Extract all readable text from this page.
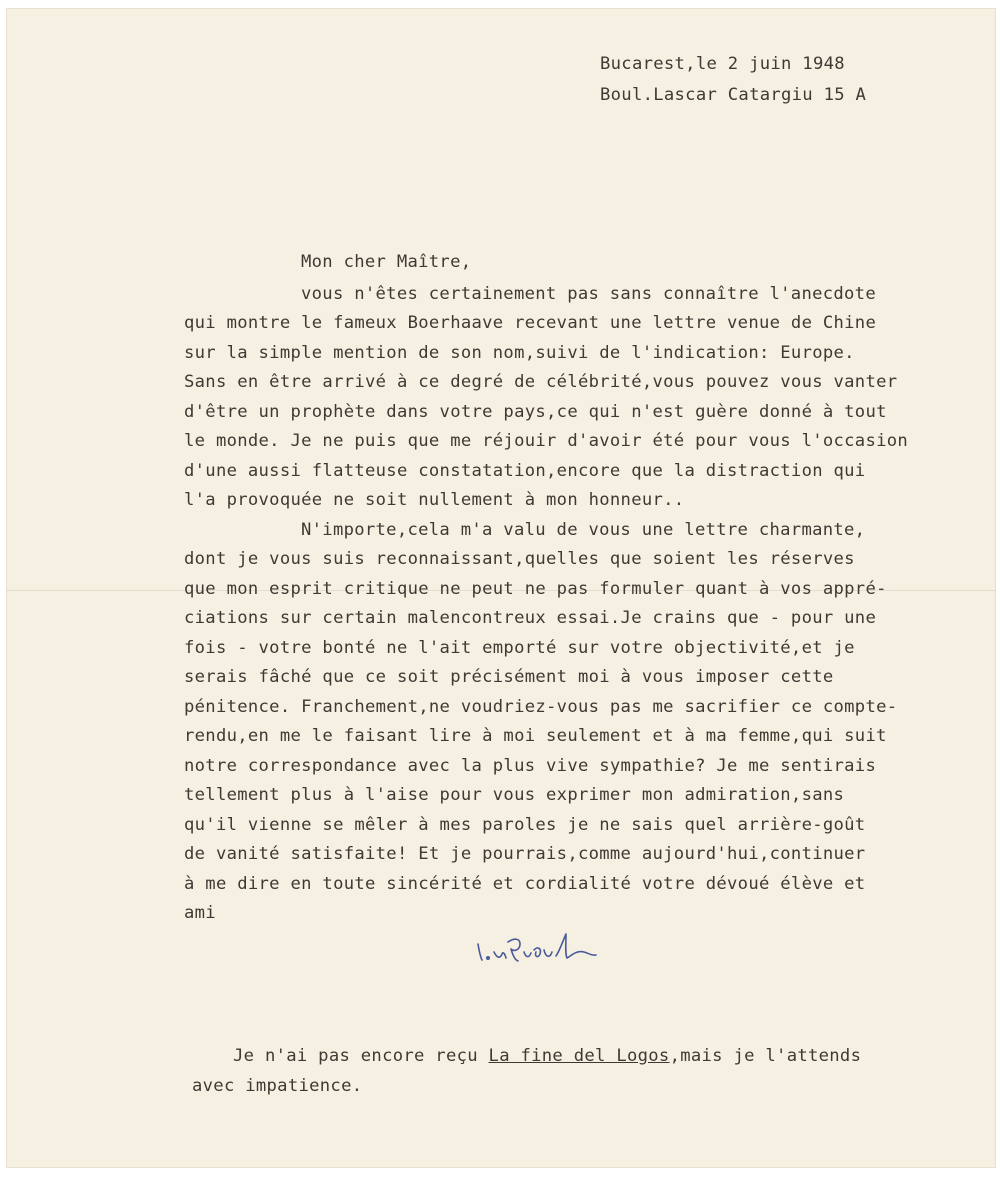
Bucarest,le 2 juin 1948
Boul.Lascar Catargiu 15 A
Mon cher Maître,
vous n'êtes certainement pas sans connaître l'anecdote
qui montre le fameux Boerhaave recevant une lettre venue de Chine
sur la simple mention de son nom,suivi de l'indication: Europe.
Sans en être arrivé à ce degré de célébrité,vous pouvez vous vanter
d'être un prophète dans votre pays,ce qui n'est guère donné à tout
le monde. Je ne puis que me réjouir d'avoir été pour vous l'occasion
d'une aussi flatteuse constatation,encore que la distraction qui
l'a provoquée ne soit nullement à mon honneur..
N'importe,cela m'a valu de vous une lettre charmante,
dont je vous suis reconnaissant,quelles que soient les réserves
que mon esprit critique ne peut ne pas formuler quant à vos appré-
ciations sur certain malencontreux essai.Je crains que - pour une
fois - votre bonté ne l'ait emporté sur votre objectivité,et je
serais fâché que ce soit précisément moi à vous imposer cette
pénitence. Franchement,ne voudriez-vous pas me sacrifier ce compte-
rendu,en me le faisant lire à moi seulement et à ma femme,qui suit
notre correspondance avec la plus vive sympathie? Je me sentirais
tellement plus à l'aise pour vous exprimer mon admiration,sans
qu'il vienne se mêler à mes paroles je ne sais quel arrière-goût
de vanité satisfaite! Et je pourrais,comme aujourd'hui,continuer
à me dire en toute sincérité et cordialité votre dévoué élève et
ami
Je n'ai pas encore reçu La fine del Logos,mais je l'attends
avec impatience.
